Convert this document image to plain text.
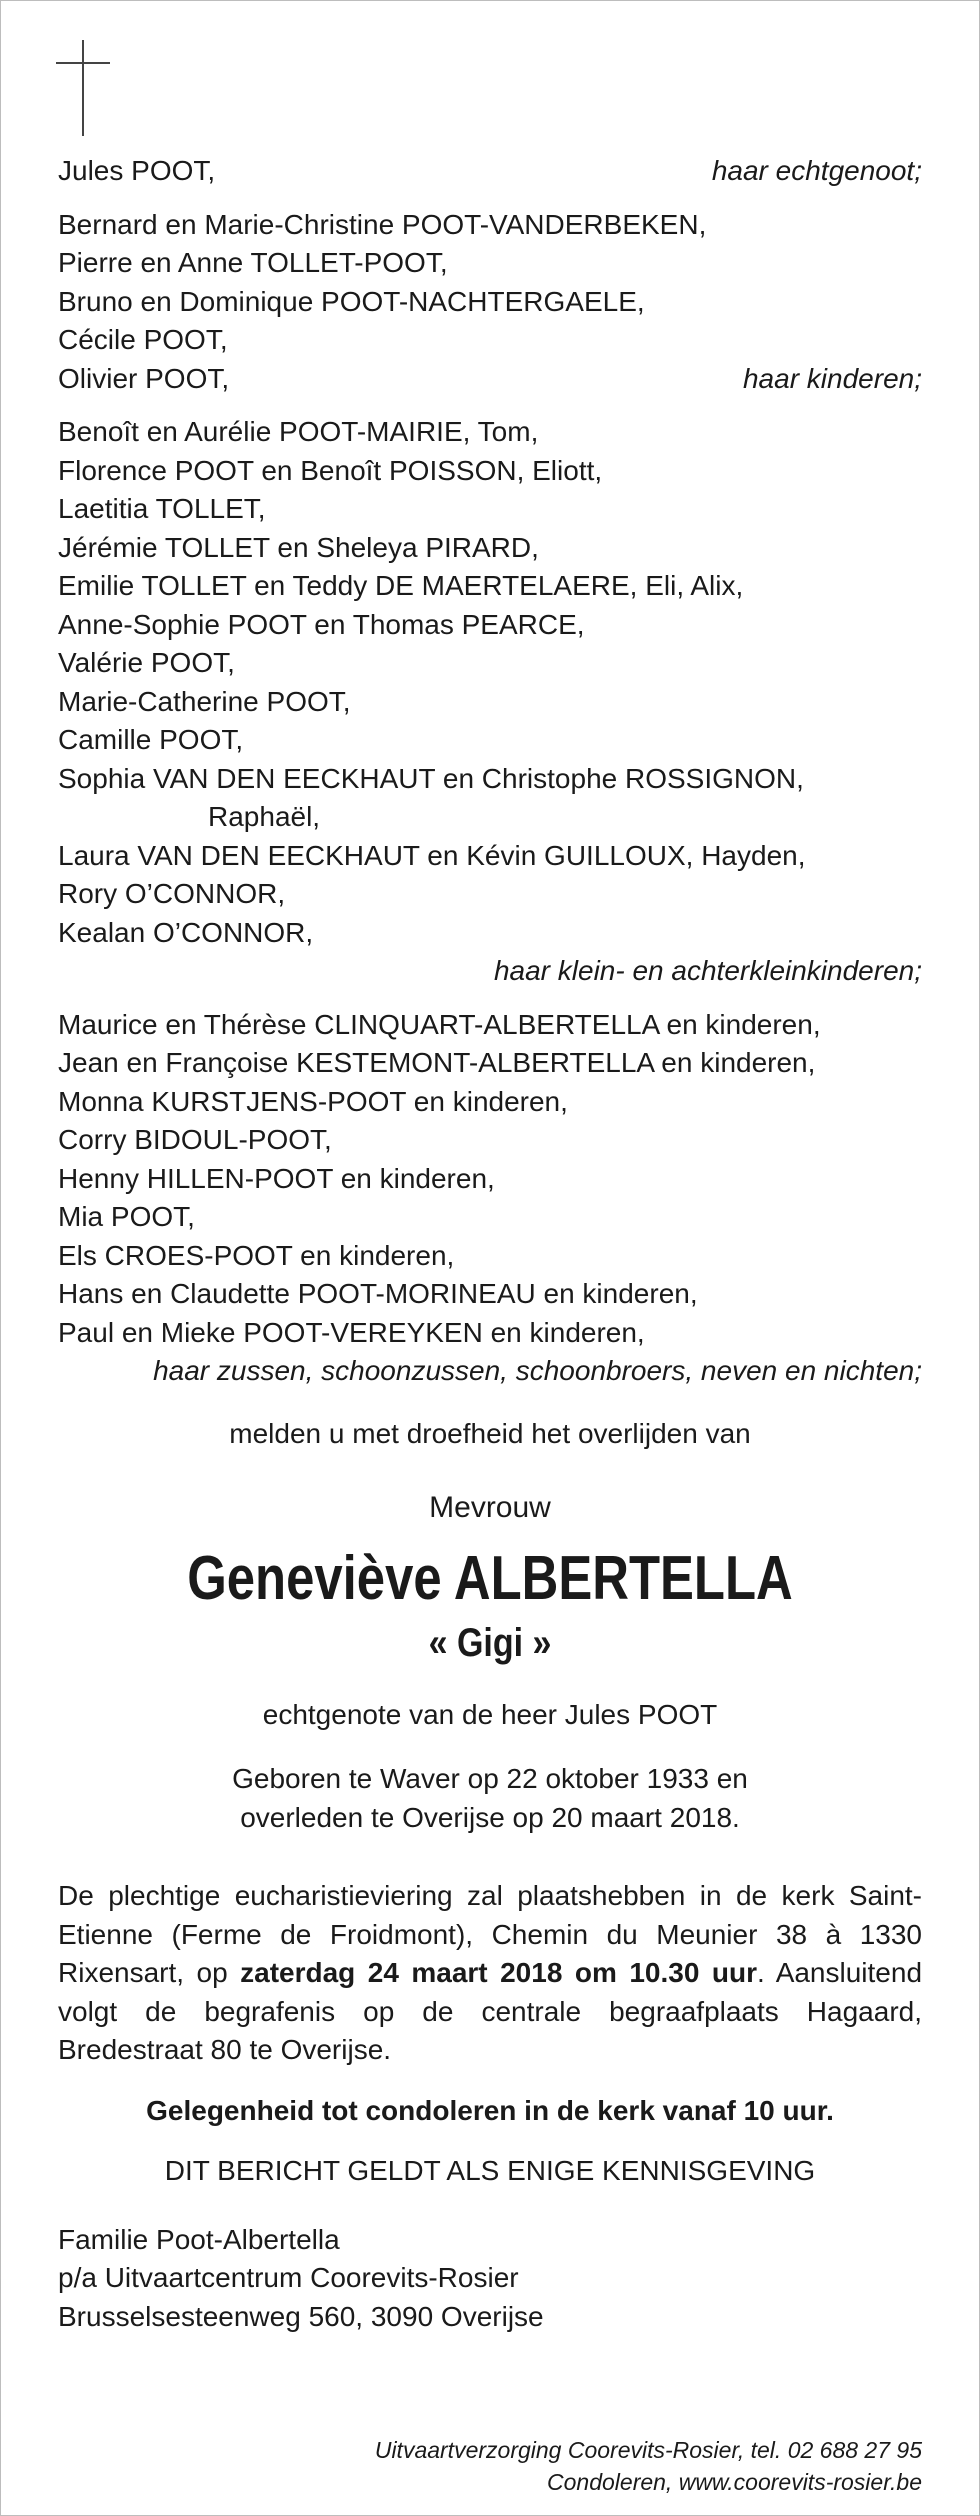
Jules POOT,	haar echtgenoot;
Bernard en Marie-Christine POOT-VANDERBEKEN,
Pierre en Anne TOLLET-POOT,
Bruno en Dominique POOT-NACHTERGAELE,
Cécile POOT,
Olivier POOT,	haar kinderen;
Benoît en Aurélie POOT-MAIRIE, Tom,
Florence POOT en Benoît POISSON, Eliott,
Laetitia TOLLET,
Jérémie TOLLET en Sheleya PIRARD,
Emilie TOLLET en Teddy DE MAERTELAERE, Eli, Alix,
Anne-Sophie POOT en Thomas PEARCE,
Valérie POOT,
Marie-Catherine POOT,
Camille POOT,
Sophia VAN DEN EECKHAUT en Christophe ROSSIGNON,
Raphaël,
Laura VAN DEN EECKHAUT en Kévin GUILLOUX, Hayden,
Rory O’CONNOR,
Kealan O’CONNOR,
haar klein- en achterkleinkinderen;
Maurice en Thérèse CLINQUART-ALBERTELLA en kinderen,
Jean en Françoise KESTEMONT-ALBERTELLA en kinderen,
Monna KURSTJENS-POOT en kinderen,
Corry BIDOUL-POOT,
Henny HILLEN-POOT en kinderen,
Mia POOT,
Els CROES-POOT en kinderen,
Hans en Claudette POOT-MORINEAU en kinderen,
Paul en Mieke POOT-VEREYKEN en kinderen,
haar zussen, schoonzussen, schoonbroers, neven en nichten;
melden u met droefheid het overlijden van
Mevrouw
Geneviève ALBERTELLA
« Gigi »
echtgenote van de heer Jules POOT
Geboren te Waver op 22 oktober 1933 en
overleden te Overijse op 20 maart 2018.
De plechtige eucharistieviering zal plaatshebben in de kerk Saint-Etienne (Ferme de Froidmont), Chemin du Meunier 38 à 1330 Rixensart, op zaterdag 24 maart 2018 om 10.30 uur. Aansluitend volgt de begrafenis op de centrale begraafplaats Hagaard, Bredestraat 80 te Overijse.
Gelegenheid tot condoleren in de kerk vanaf 10 uur.
DIT BERICHT GELDT ALS ENIGE KENNISGEVING
Familie Poot-Albertella
p/a Uitvaartcentrum Coorevits-Rosier
Brusselsesteenweg 560, 3090 Overijse
Uitvaartverzorging Coorevits-Rosier, tel. 02 688 27 95
Condoleren, www.coorevits-rosier.be
